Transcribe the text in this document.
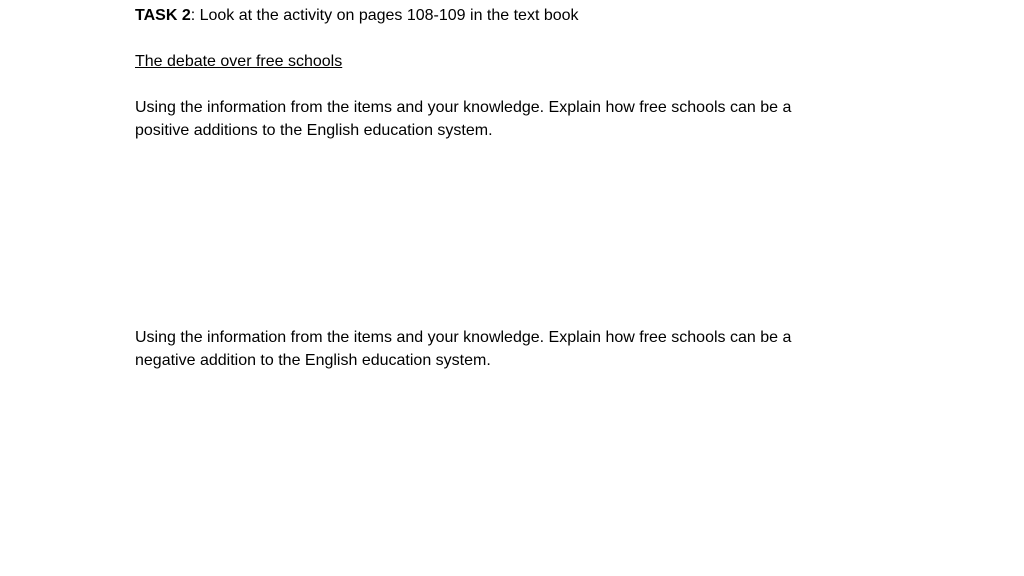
TASK 2: Look at the activity on pages 108-109 in the text book
The debate over free schools
Using the information from the items and your knowledge. Explain how free schools can be a
positive additions to the English education system.
Using the information from the items and your knowledge. Explain how free schools can be a
negative addition to the English education system.
